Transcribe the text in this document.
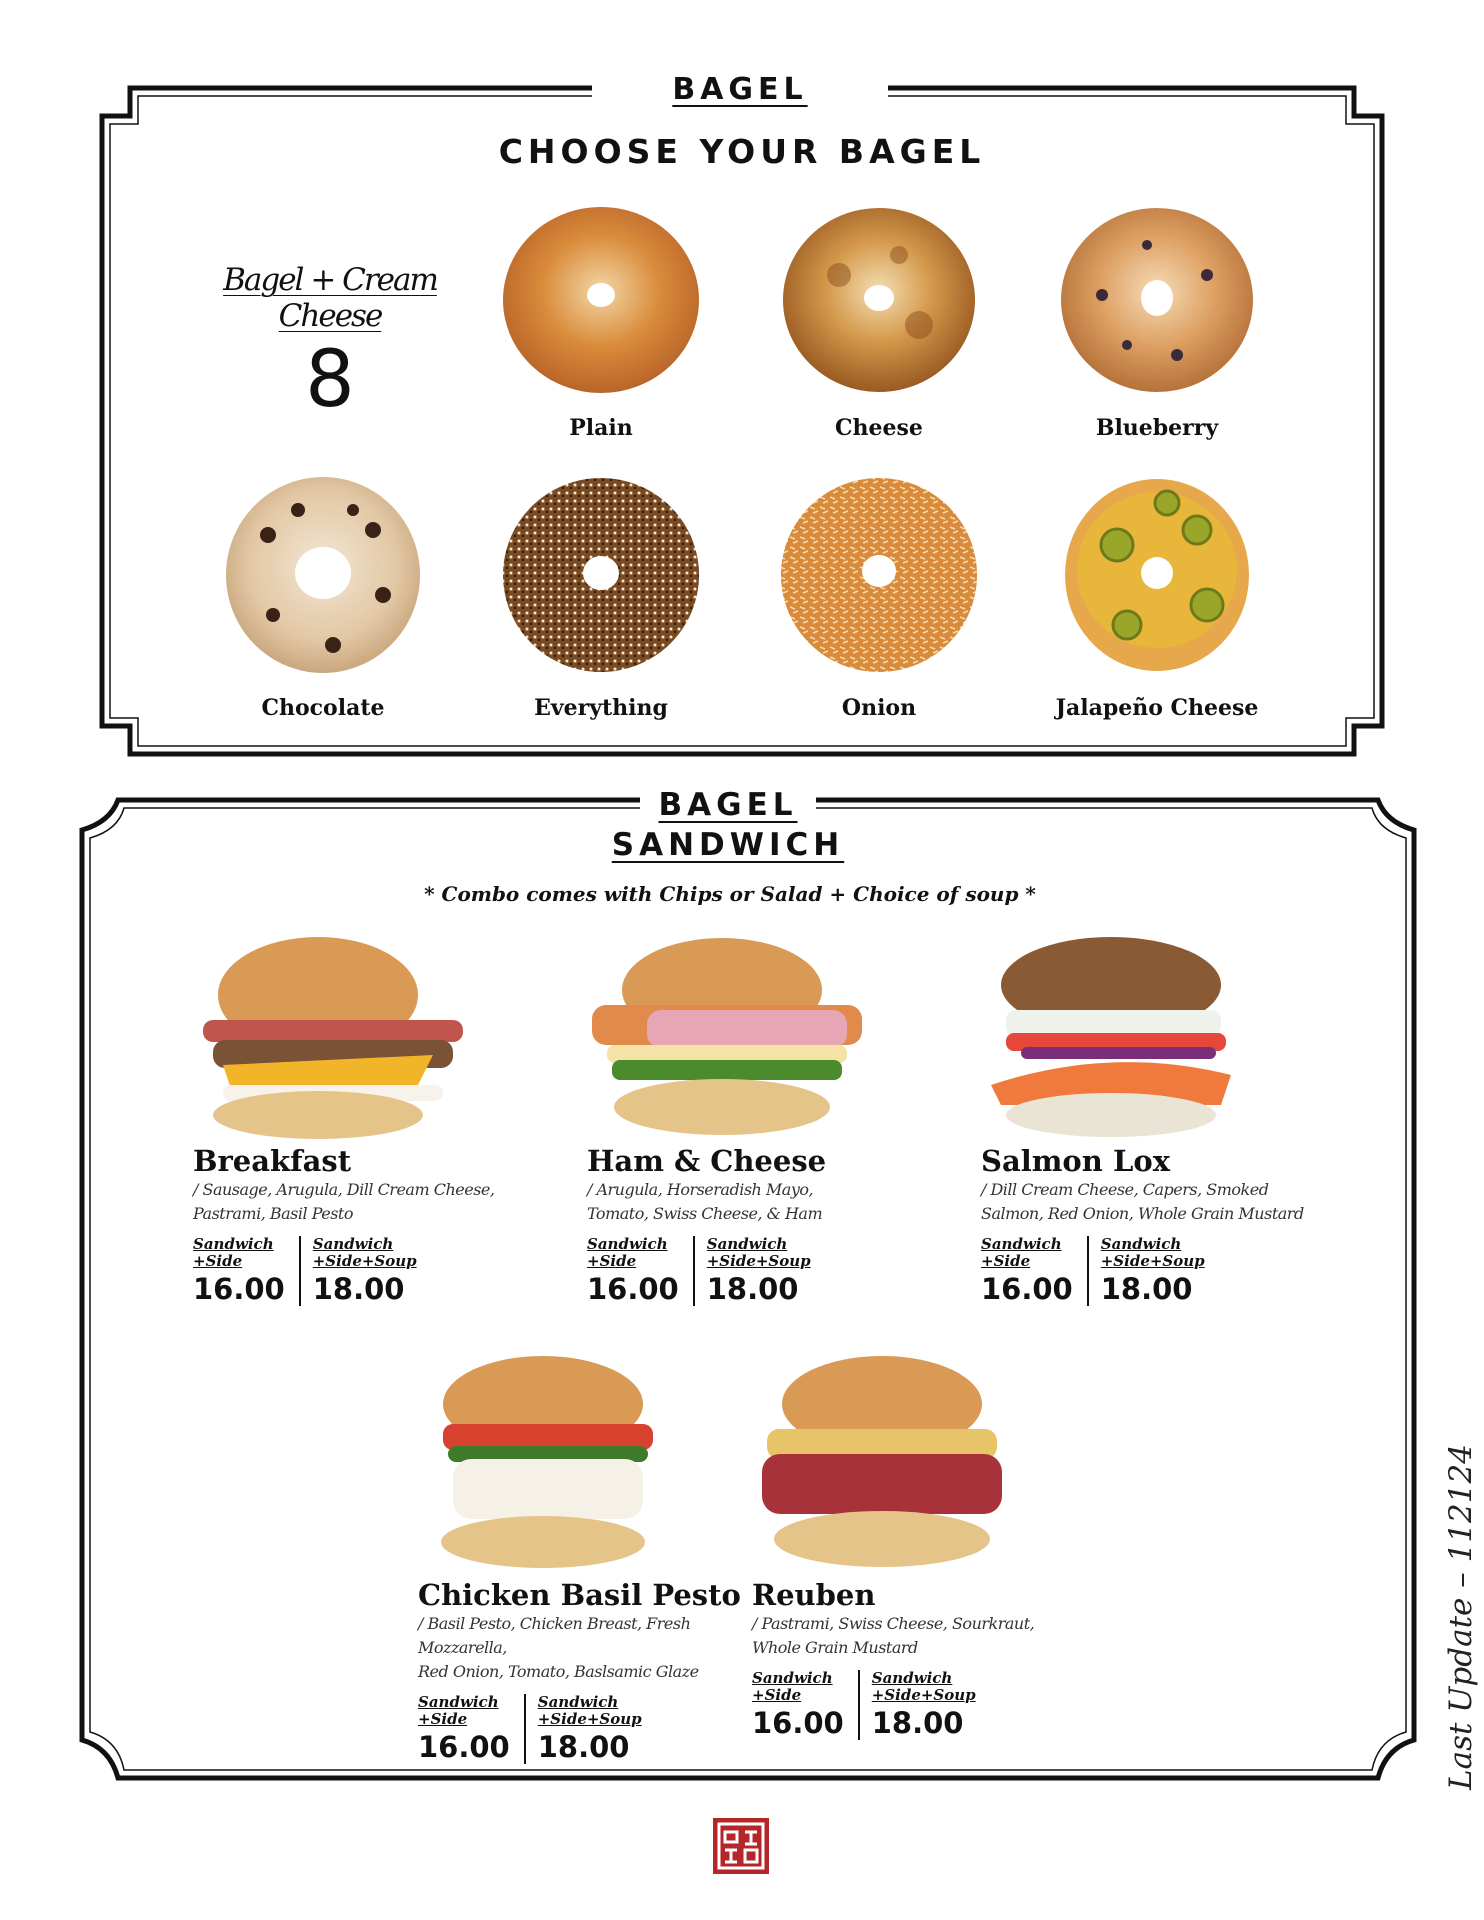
BAGEL
CHOOSE YOUR BAGEL
Bagel + Cream Cheese
8
Plain	Cheese	Blueberry
Chocolate	Everything	Onion	Jalapeño Cheese
BAGEL
SANDWICH
* Combo comes with Chips or Salad + Choice of soup *
Breakfast
/ Sausage, Arugula, Dill Cream Cheese,
Pastrami, Basil Pesto
Sandwich
+Side
16.00
Sandwich
+Side+Soup
18.00
Ham & Cheese
/ Arugula, Horseradish Mayo,
Tomato, Swiss Cheese, & Ham
Sandwich
+Side
16.00
Sandwich
+Side+Soup
18.00
Salmon Lox
/ Dill Cream Cheese, Capers, Smoked
Salmon, Red Onion, Whole Grain Mustard
Sandwich
+Side
16.00
Sandwich
+Side+Soup
18.00
Chicken Basil Pesto
/ Basil Pesto, Chicken Breast, Fresh Mozzarella,
Red Onion, Tomato, Baslsamic Glaze
Sandwich
+Side
16.00
Sandwich
+Side+Soup
18.00
Reuben
/ Pastrami, Swiss Cheese, Sourkraut,
Whole Grain Mustard
Sandwich
+Side
16.00
Sandwich
+Side+Soup
18.00	Last Update – 112124
